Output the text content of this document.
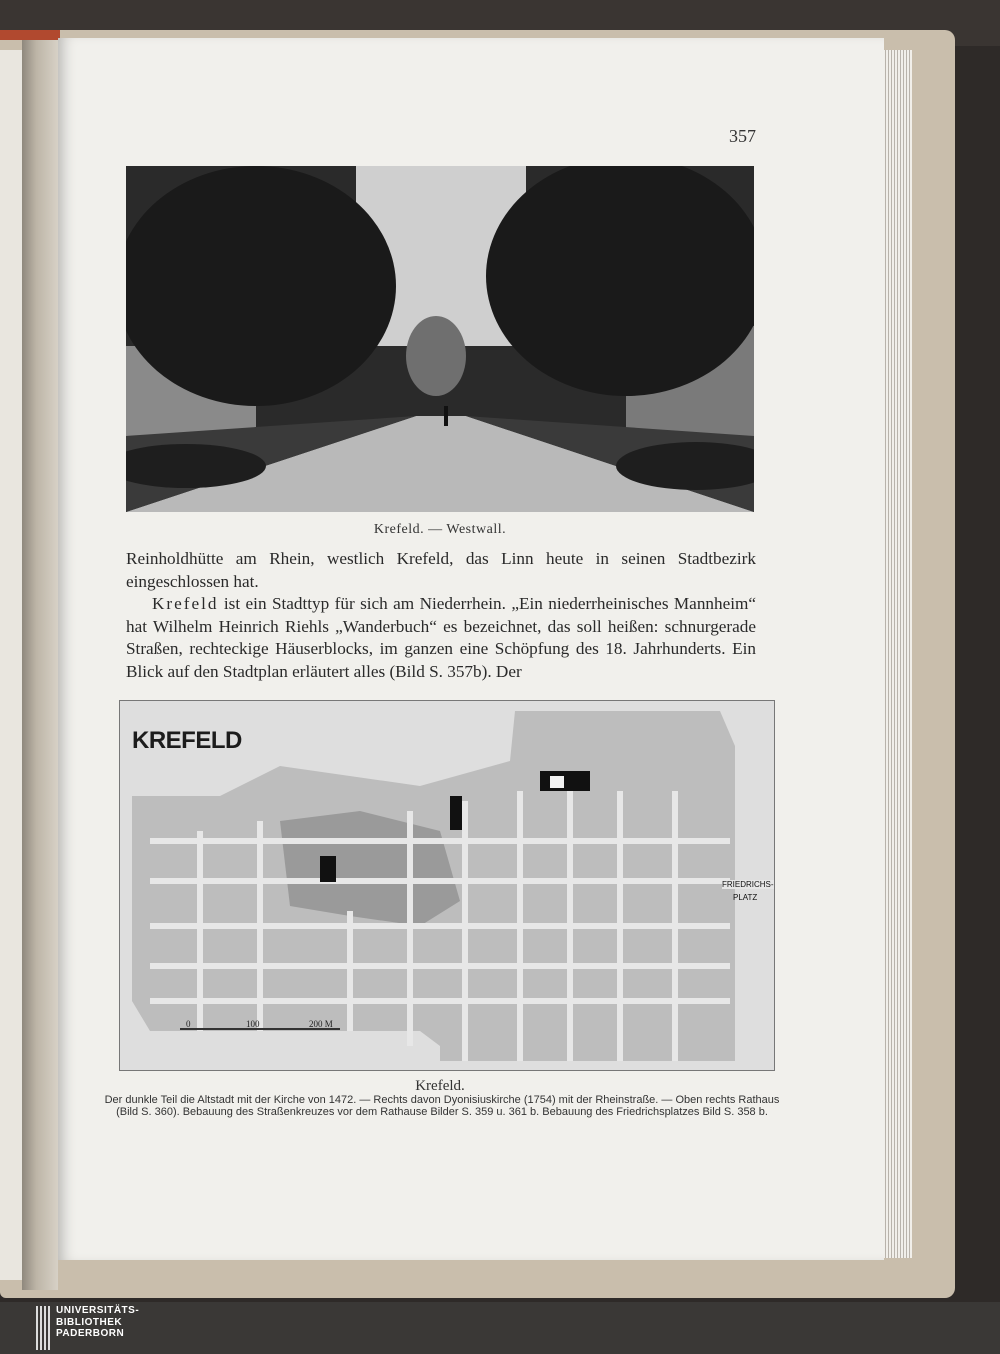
357
Krefeld. — Westwall.

Reinholdhütte am Rhein, westlich Krefeld, das Linn heute in seinen Stadtbezirk eingeschlossen hat.

Krefeld ist ein Stadttyp für sich am Niederrhein. „Ein niederrheinisches Mannheim“ hat Wilhelm Heinrich Riehls „Wanderbuch“ es bezeichnet, das soll heißen: schnurgerade Straßen, rechteckige Häuserblocks, im ganzen eine Schöpfung des 18. Jahrhunderts. Ein Blick auf den Stadtplan erläutert alles (Bild S. 357b). Der

KREFELD
FRIEDRICHS-
PLATZ
0	100	200 M
Krefeld.
Der dunkle Teil die Altstadt mit der Kirche von 1472. — Rechts davon Dyonisiuskirche (1754) mit der Rheinstraße. — Oben rechts Rathaus (Bild S. 360). Bebauung des Straßenkreuzes vor dem Rathause Bilder S. 359 u. 361 b. Bebauung des Friedrichsplatzes Bild S. 358 b.
UNIVERSITÄTS-
BIBLIOTHEK
PADERBORN
